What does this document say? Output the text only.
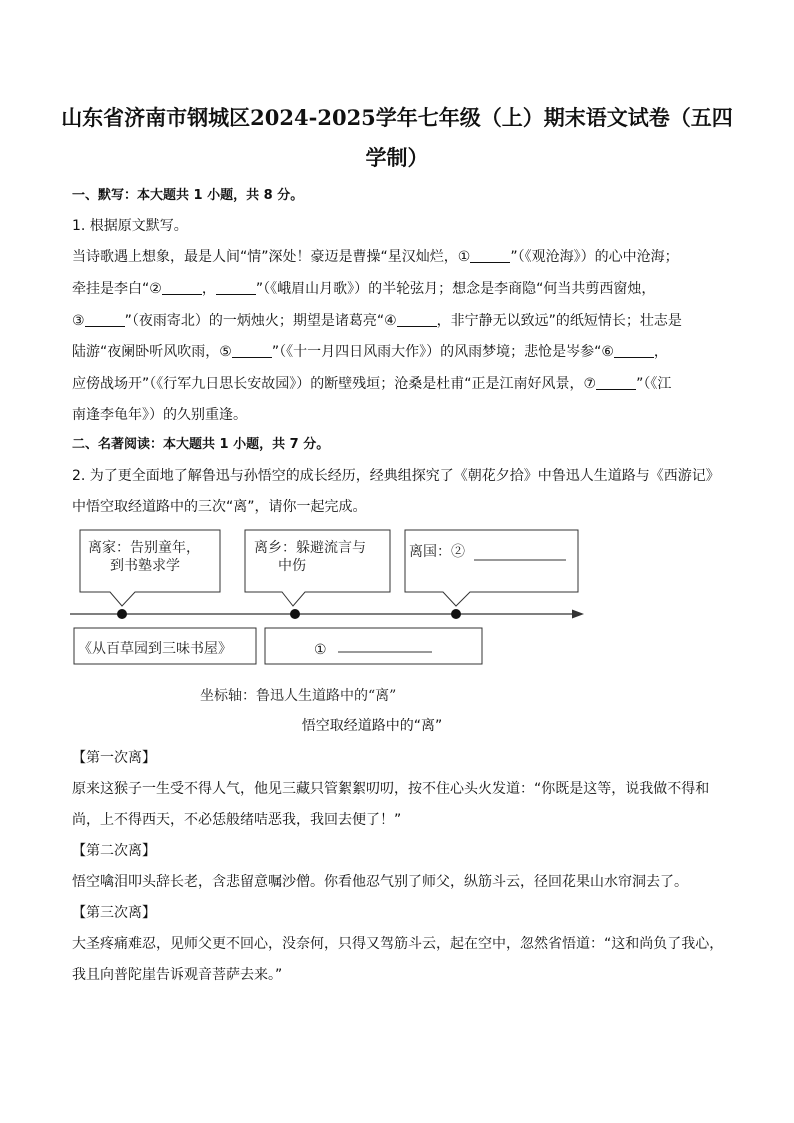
山东省济南市钢城区2024-2025学年七年级（上）期末语文试卷（五四
学制）
一、默写：本大题共 1 小题，共 8 分。
1. 根据原文默写。
当诗歌遇上想象，最是人间“情”深处！豪迈是曹操“星汉灿烂，①	”（《观沧海》）的心中沧海；
牵挂是李白“②	，	”（《峨眉山月歌》）的半轮弦月；想念是李商隐“何当共剪西窗烛，
③	”（夜雨寄北）的一炳烛火；期望是诸葛亮“④	，非宁静无以致远”的纸短情长；壮志是
陆游“夜阑卧听风吹雨，⑤	”（《十一月四日风雨大作》）的风雨梦境；悲怆是岑参“⑥	，
应傍战场开”（《行军九日思长安故园》）的断壁残垣；沧桑是杜甫“正是江南好风景，⑦	”（《江
南逢李龟年》）的久别重逢。
二、名著阅读：本大题共 1 小题，共 7 分。
2. 为了更全面地了解鲁迅与孙悟空的成长经历，经典组探究了《朝花夕拾》中鲁迅人生道路与《西游记》
中悟空取经道路中的三次“离”，请你一起完成。
离家：告别童年，
到书塾求学
离乡：躲避流言与
中伤
离国：②
《从百草园到三味书屋》	①
坐标轴：鲁迅人生道路中的“离”
悟空取经道路中的“离”
【第一次离】
原来这猴子一生受不得人气，他见三藏只管絮絮叨叨，按不住心头火发道：“你既是这等，说我做不得和
尚，上不得西天，不必恁般绪咭恶我，我回去便了！”
【第二次离】
悟空噙泪叩头辞长老，含悲留意嘱沙僧。你看他忍气别了师父，纵筋斗云，径回花果山水帘洞去了。
【第三次离】
大圣疼痛难忍，见师父更不回心，没奈何，只得又驾筋斗云，起在空中，忽然省悟道：“这和尚负了我心，
我且向普陀崖告诉观音菩萨去来。”
